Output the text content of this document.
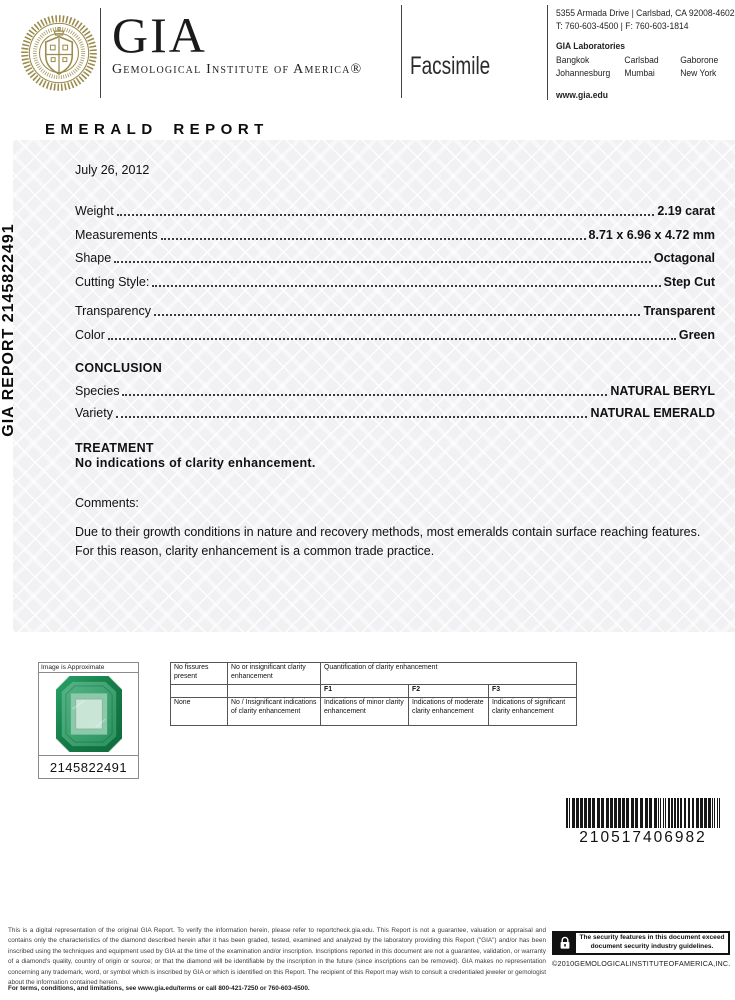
GIA
Gemological Institute of America® Facsimile
5355 Armada Drive | Carlsbad, CA 92008-4602
T: 760-603-4500 | F: 760-603-1814
GIA Laboratories
Bangkok	Carlsbad	Gaborone
Johannesburg	Mumbai	New York
www.gia.edu
EMERALD REPORT
GIA REPORT 2145822491
July 26, 2012
Weight	2.19 carat
Measurements	8.71 x 6.96 x 4.72 mm
Shape	Octagonal
Cutting Style:	Step Cut
Transparency	Transparent
Color	Green
CONCLUSION
Species	NATURAL BERYL
Variety	NATURAL EMERALD
TREATMENT
No indications of clarity enhancement.
Comments:
Due to their growth conditions in nature and recovery methods, most emeralds contain surface reaching features. For this reason, clarity enhancement is a common trade practice.
Image is Approximate
2145822491
No fissures present	No or insignificant clarity enhancement	Quantification of clarity enhancement		
		F1	F2	F3
None	No / Insignificant indications of clarity enhancement	Indications of minor clarity enhancement	Indications of moderate clarity enhancement	Indications of significant clarity enhancement
210517406982
This is a digital representation of the original GIA Report. To verify the information herein, please refer to reportcheck.gia.edu. This Report is not a guarantee, valuation or appraisal and contains only the characteristics of the diamond described herein after it has been graded, tested, examined and analyzed by the laboratory providing this Report ("GIA") and/or has been inscribed using the techniques and equipment used by GIA at the time of the examination and/or inscription. Inscriptions reported in this document are not a guarantee, validation, or warranty of a diamond's quality, country of origin or source; or that the diamond will be identifiable by the inscription in the future (since inscriptions can be removed). GIA makes no representation concerning any trademark, word, or symbol which is inscribed by GIA or which is identified on this Report. The recipient of this Report may wish to consult a credentialed jeweler or gemologist about the information contained herein.
For terms, conditions, and limitations, see www.gia.edu/terms or call 800-421-7250 or 760-603-4500.
The security features in this document exceed document security industry guidelines.
©2010 GEMOLOGICAL INSTITUTE OF AMERICA, INC.
